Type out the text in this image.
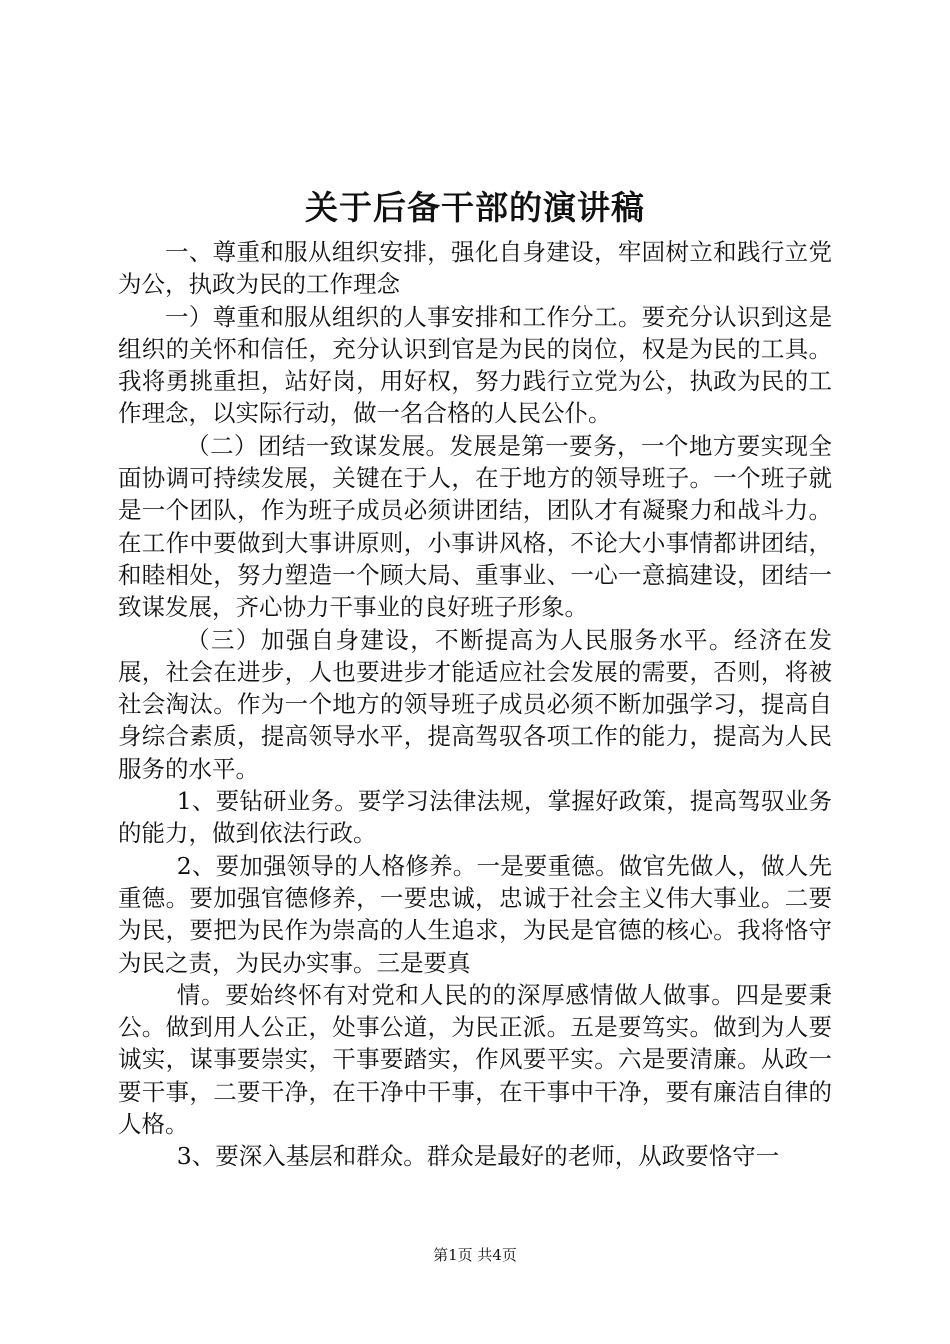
关于后备干部的演讲稿

一、尊重和服从组织安排，强化自身建设，牢固树立和践行立党为公，执政为民的工作理念

一）尊重和服从组织的人事安排和工作分工。要充分认识到这是组织的关怀和信任，充分认识到官是为民的岗位，权是为民的工具。我将勇挑重担，站好岗，用好权，努力践行立党为公，执政为民的工作理念，以实际行动，做一名合格的人民公仆。

（二）团结一致谋发展。发展是第一要务，一个地方要实现全面协调可持续发展，关键在于人，在于地方的领导班子。一个班子就是一个团队，作为班子成员必须讲团结，团队才有凝聚力和战斗力。在工作中要做到大事讲原则，小事讲风格，不论大小事情都讲团结，和睦相处，努力塑造一个顾大局、重事业、一心一意搞建设，团结一致谋发展，齐心协力干事业的良好班子形象。

（三）加强自身建设，不断提高为人民服务水平。经济在发展，社会在进步，人也要进步才能适应社会发展的需要，否则，将被社会淘汰。作为一个地方的领导班子成员必须不断加强学习，提高自身综合素质，提高领导水平，提高驾驭各项工作的能力，提高为人民服务的水平。

1、要钻研业务。要学习法律法规，掌握好政策，提高驾驭业务的能力，做到依法行政。

2、要加强领导的人格修养。一是要重德。做官先做人，做人先重德。要加强官德修养，一要忠诚，忠诚于社会主义伟大事业。二要为民，要把为民作为崇高的人生追求，为民是官德的核心。我将恪守为民之责，为民办实事。三是要真

情。要始终怀有对党和人民的的深厚感情做人做事。四是要秉公。做到用人公正，处事公道，为民正派。五是要笃实。做到为人要诚实，谋事要崇实，干事要踏实，作风要平实。六是要清廉。从政一要干事，二要干净，在干净中干事，在干事中干净，要有廉洁自律的人格。

3、要深入基层和群众。群众是最好的老师，从政要恪守一

第1页 共4页
